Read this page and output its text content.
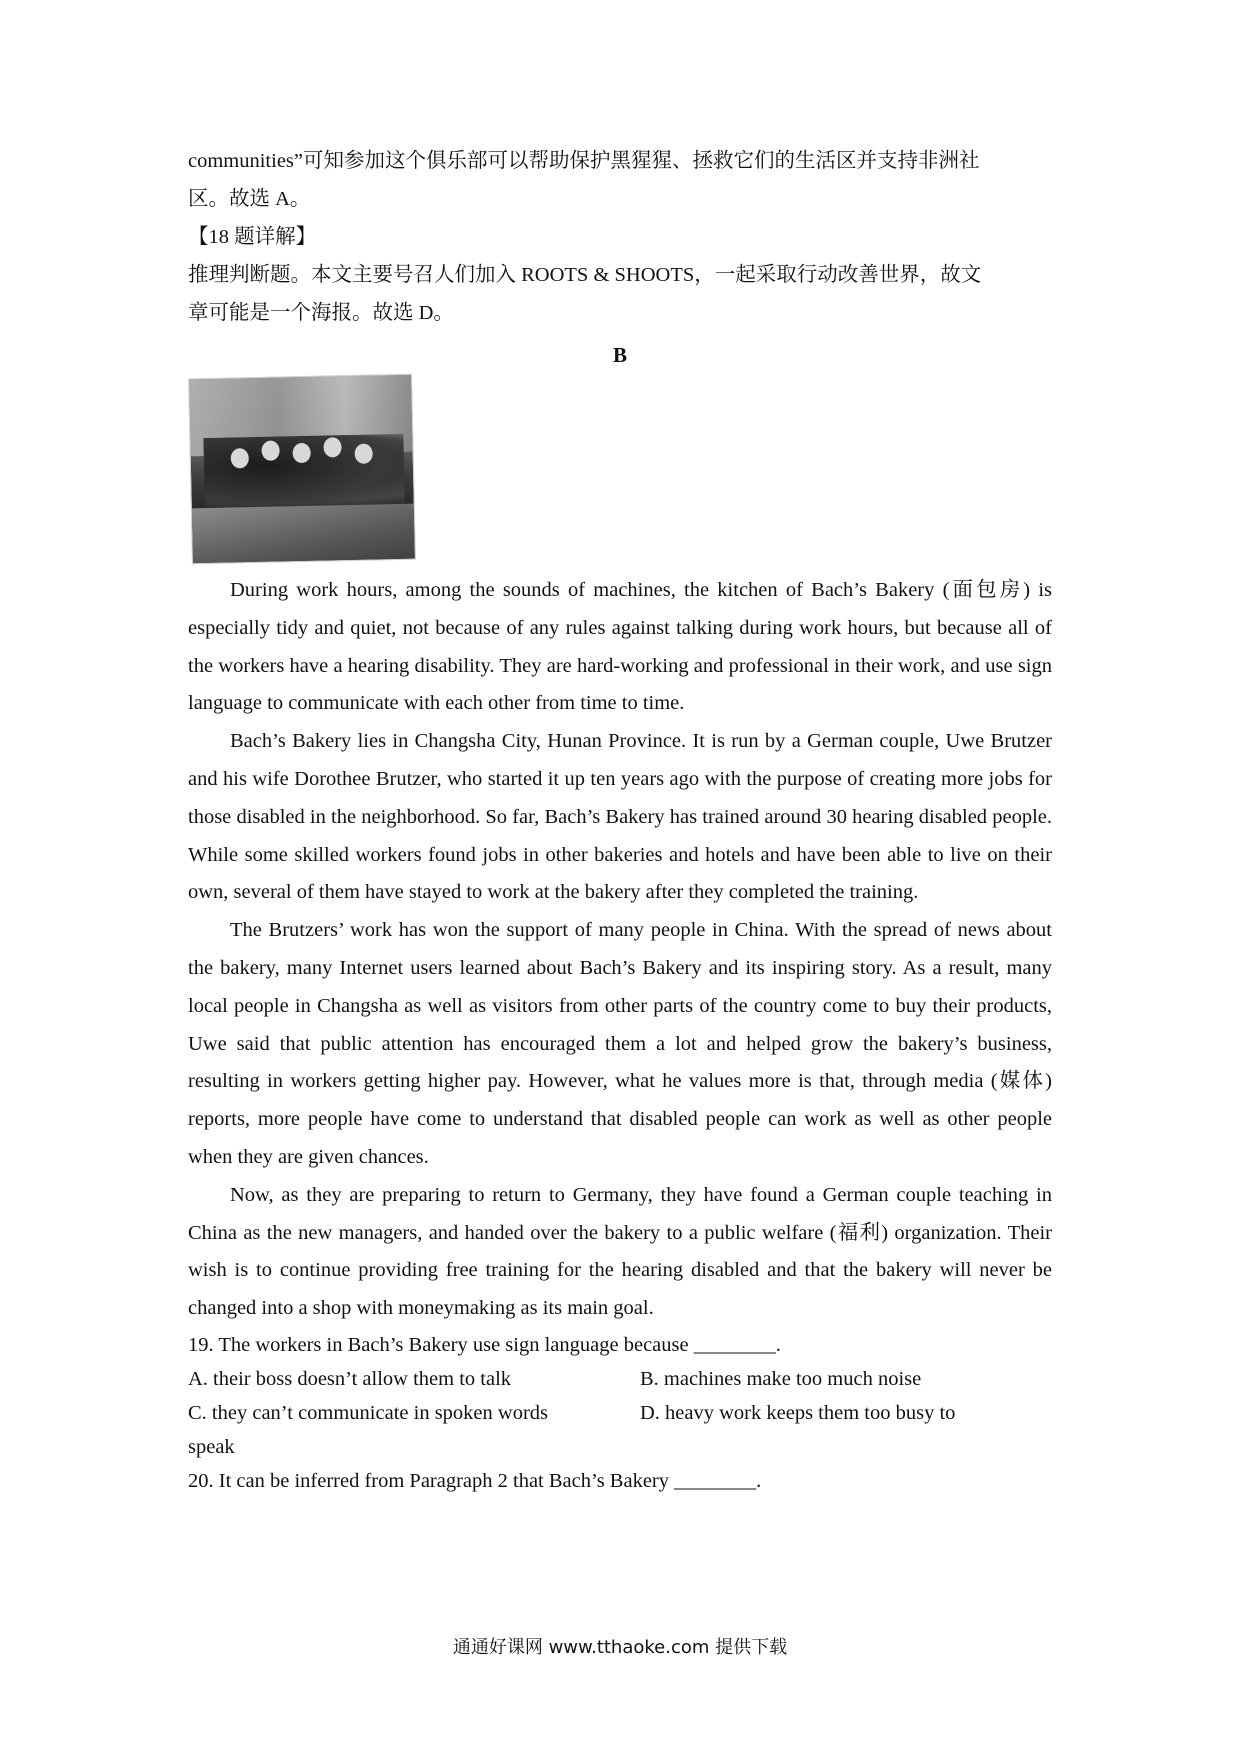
communities”可知参加这个俱乐部可以帮助保护黑猩猩、拯救它们的生活区并支持非洲社

区。故选 A。

【18 题详解】

推理判断题。本文主要号召人们加入 ROOTS & SHOOTS，一起采取行动改善世界，故文

章可能是一个海报。故选 D。

B

During work hours, among the sounds of machines, the kitchen of Bach’s Bakery (面包房) is especially tidy and quiet, not because of any rules against talking during work hours, but because all of the workers have a hearing disability. They are hard-working and professional in their work, and use sign language to communicate with each other from time to time.

Bach’s Bakery lies in Changsha City, Hunan Province. It is run by a German couple, Uwe Brutzer and his wife Dorothee Brutzer, who started it up ten years ago with the purpose of creating more jobs for those disabled in the neighborhood. So far, Bach’s Bakery has trained around 30 hearing disabled people. While some skilled workers found jobs in other bakeries and hotels and have been able to live on their own, several of them have stayed to work at the bakery after they completed the training.

The Brutzers’ work has won the support of many people in China. With the spread of news about the bakery, many Internet users learned about Bach’s Bakery and its inspiring story. As a result, many local people in Changsha as well as visitors from other parts of the country come to buy their products, Uwe said that public attention has encouraged them a lot and helped grow the bakery’s business, resulting in workers getting higher pay. However, what he values more is that, through media (媒体) reports, more people have come to understand that disabled people can work as well as other people when they are given chances.

Now, as they are preparing to return to Germany, they have found a German couple teaching in China as the new managers, and handed over the bakery to a public welfare (福利) organization. Their wish is to continue providing free training for the hearing disabled and that the bakery will never be changed into a shop with moneymaking as its main goal.

19. The workers in Bach’s Bakery use sign language because ________.

A. their boss doesn’t allow them to talk	B. machines make too much noise
C. they can’t communicate in spoken words	D. heavy work keeps them too busy to

speak

20. It can be inferred from Paragraph 2 that Bach’s Bakery ________.

通通好课网 www.tthaoke.com 提供下载
